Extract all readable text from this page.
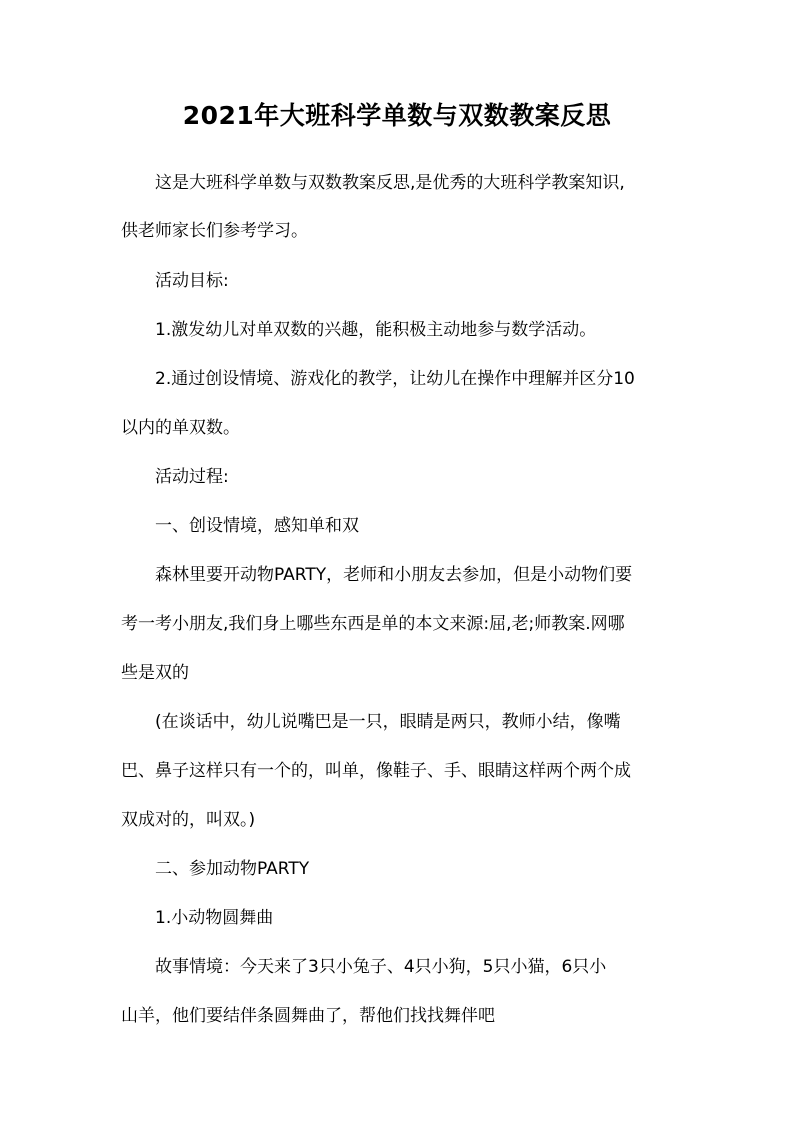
2021年大班科学单数与双数教案反思
这是大班科学单数与双数教案反思,是优秀的大班科学教案知识,
供老师家长们参考学习。
活动目标:
1.激发幼儿对单双数的兴趣，能积极主动地参与数学活动。
2.通过创设情境、游戏化的教学，让幼儿在操作中理解并区分10
以内的单双数。
活动过程:
一、创设情境，感知单和双
森林里要开动物PARTY，老师和小朋友去参加，但是小动物们要
考一考小朋友,我们身上哪些东西是单的本文来源:屈,老;师教案.网哪
些是双的
(在谈话中，幼儿说嘴巴是一只，眼睛是两只，教师小结，像嘴
巴、鼻子这样只有一个的，叫单，像鞋子、手、眼睛这样两个两个成
双成对的，叫双。)
二、参加动物PARTY
1.小动物圆舞曲
故事情境：今天来了3只小兔子、4只小狗，5只小猫，6只小
山羊，他们要结伴条圆舞曲了，帮他们找找舞伴吧
